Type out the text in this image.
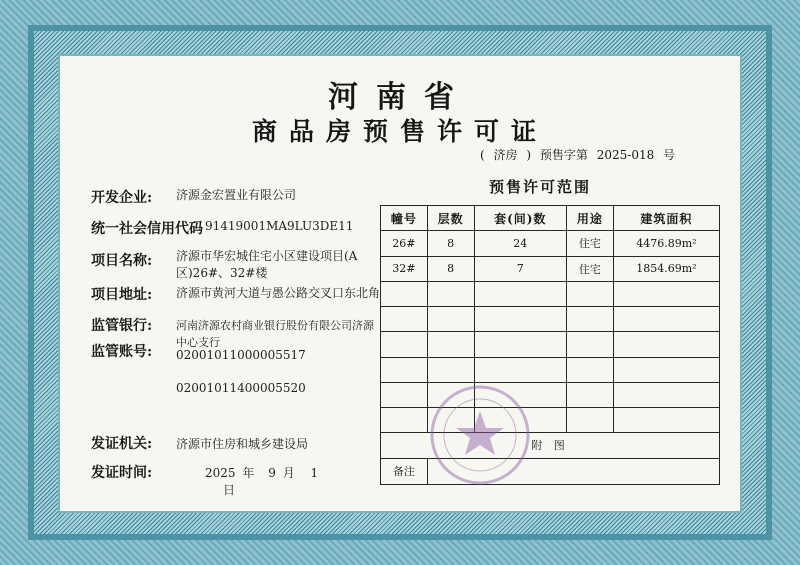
河南省
商品房预售许可证
( 济房 ) 预售字第 2025-018 号
开发企业: 济源金宏置业有限公司
统一社会信用代码 91419001MA9LU3DE11
项目名称: 济源市华宏城住宅小区建设项目(A区)26#、32#楼
项目地址: 济源市黄河大道与愚公路交叉口东北角
监管银行: 河南济源农村商业银行股份有限公司济源中心支行
监管账号: 02001011000005517
02001011400005520
发证机关: 济源市住房和城乡建设局
发证时间:	2025 年 9 月 1 日
预售许可范围
幢号	层数	套(间)数	用途	建筑面积
26#	8	24	住宅	4476.89m²
32#	8	7	住宅	1854.69m²

附 图				
备注				
